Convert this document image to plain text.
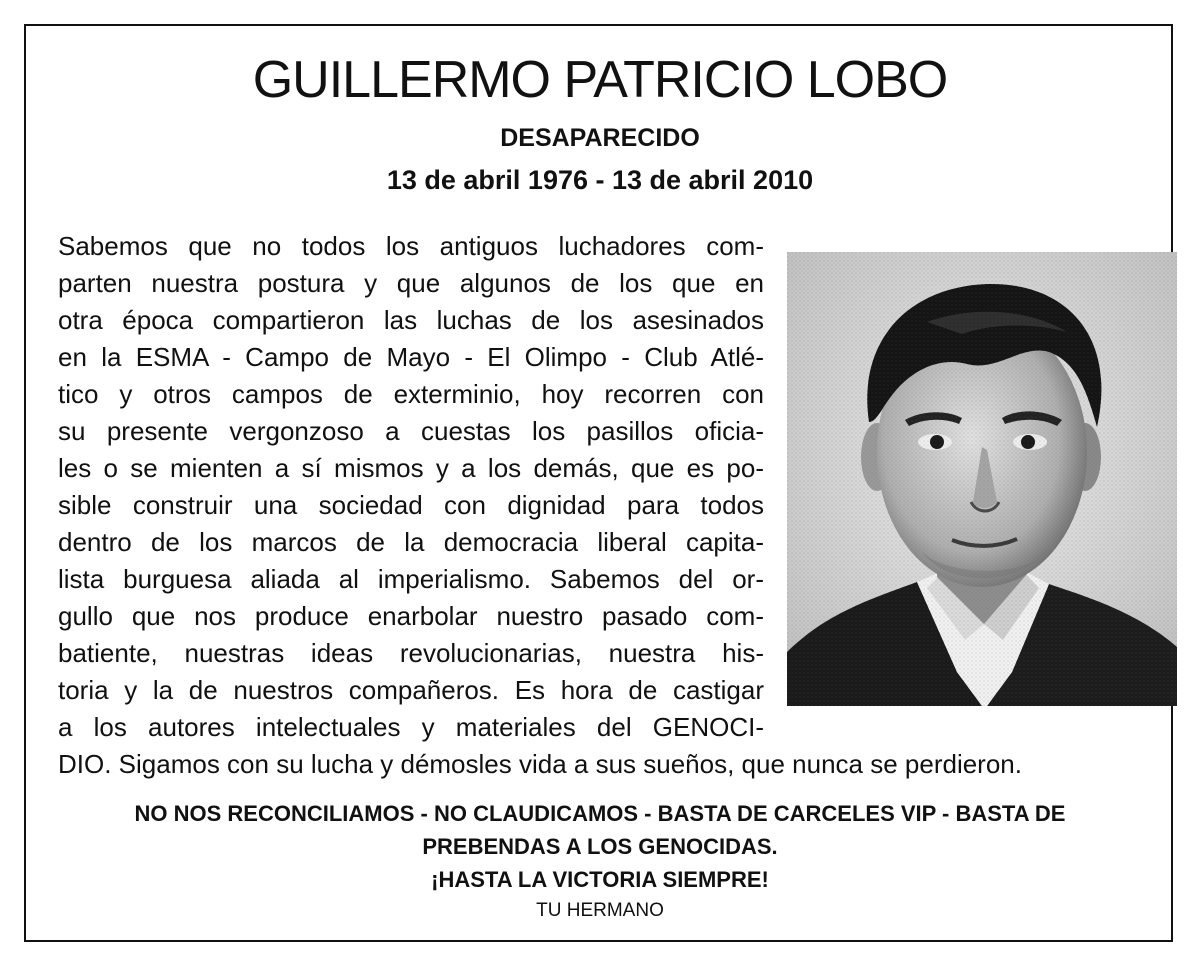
GUILLERMO PATRICIO LOBO
DESAPARECIDO
13 de abril 1976 - 13 de abril 2010
Sabemos que no todos los antiguos luchadores com-
parten nuestra postura y que algunos de los que en
otra época compartieron las luchas de los asesinados
en la ESMA - Campo de Mayo - El Olimpo - Club Atlé-
tico y otros campos de exterminio, hoy recorren con
su presente vergonzoso a cuestas los pasillos oficia-
les o se mienten a sí mismos y a los demás, que es po-
sible construir una sociedad con dignidad para todos
dentro de los marcos de la democracia liberal capita-
lista burguesa aliada al imperialismo. Sabemos del or-
gullo que nos produce enarbolar nuestro pasado com-
batiente, nuestras ideas revolucionarias, nuestra his-
toria y la de nuestros compañeros. Es hora de castigar
a los autores intelectuales y materiales del GENOCI-
DIO. Sigamos con su lucha y démosles vida a sus sueños, que nunca se perdieron.
NO NOS RECONCILIAMOS - NO CLAUDICAMOS - BASTA DE CARCELES VIP - BASTA DE
PREBENDAS A LOS GENOCIDAS.
¡HASTA LA VICTORIA SIEMPRE!
TU HERMANO
